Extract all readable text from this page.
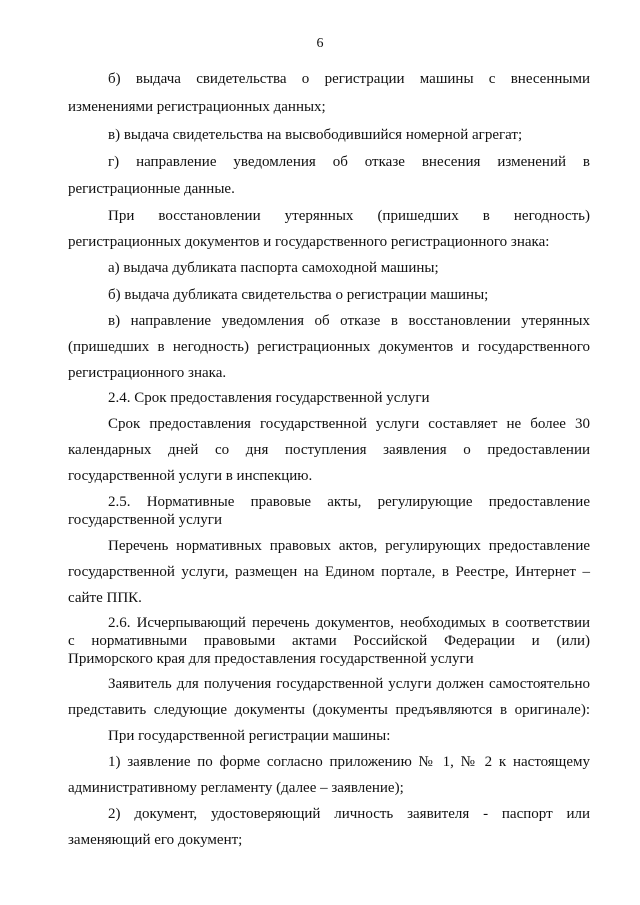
6
б) выдача свидетельства о регистрации машины с внесенными
изменениями регистрационных данных;
в) выдача свидетельства на высвободившийся номерной агрегат;
г) направление уведомления об отказе внесения изменений в
регистрационные данные.
При восстановлении утерянных (пришедших в негодность)
регистрационных документов и государственного регистрационного знака:
а) выдача дубликата паспорта самоходной машины;
б) выдача дубликата свидетельства о регистрации машины;
в) направление уведомления об отказе в восстановлении утерянных
(пришедших в негодность) регистрационных документов и государственного
регистрационного знака.
2.4. Срок предоставления государственной услуги
Срок предоставления государственной услуги составляет не более 30
календарных дней со дня поступления заявления о предоставлении
государственной услуги в инспекцию.
2.5. Нормативные правовые акты, регулирующие предоставление
государственной услуги
Перечень нормативных правовых актов, регулирующих предоставление
государственной услуги, размещен на Едином портале, в Реестре, Интернет –
сайте ППК.
2.6. Исчерпывающий перечень документов, необходимых в соответствии
с нормативными правовыми актами Российской Федерации и (или)
Приморского края для предоставления государственной услуги
Заявитель для получения государственной услуги должен самостоятельно
представить следующие документы (документы предъявляются в оригинале):
При государственной регистрации машины:
1) заявление по форме согласно приложению № 1, № 2 к настоящему
административному регламенту (далее – заявление);
2) документ, удостоверяющий личность заявителя - паспорт или
заменяющий его документ;
